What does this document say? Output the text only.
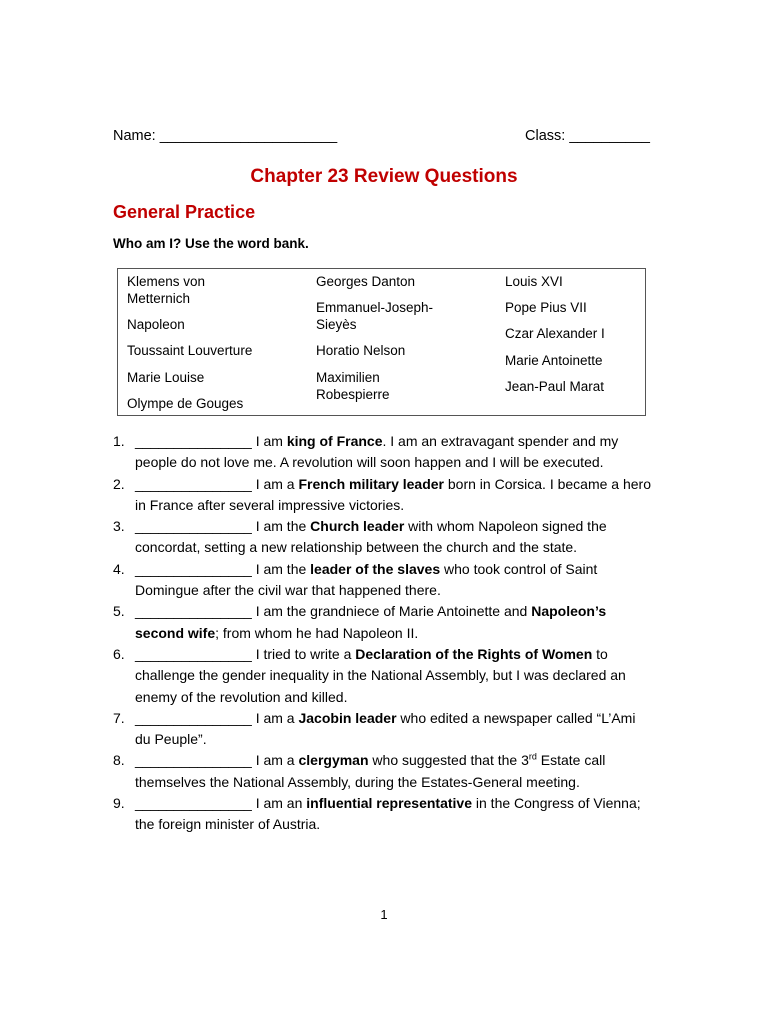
Name: ______________________	Class: __________
Chapter 23 Review Questions
General Practice
Who am I? Use the word bank.
Klemens von Metternich
Napoleon
Toussaint Louverture
Marie Louise
Olympe de Gouges
Georges Danton
Emmanuel-Joseph-Sieyès
Horatio Nelson
Maximilien Robespierre
Louis XVI
Pope Pius VII
Czar Alexander I
Marie Antoinette
Jean-Paul Marat
1. _______________ I am king of France. I am an extravagant spender and my people do not love me. A revolution will soon happen and I will be executed.
2. _______________ I am a French military leader born in Corsica. I became a hero in France after several impressive victories.
3. _______________ I am the Church leader with whom Napoleon signed the concordat, setting a new relationship between the church and the state.
4. _______________ I am the leader of the slaves who took control of Saint Domingue after the civil war that happened there.
5. _______________ I am the grandniece of Marie Antoinette and Napoleon’s second wife; from whom he had Napoleon II.
6. _______________ I tried to write a Declaration of the Rights of Women to challenge the gender inequality in the National Assembly, but I was declared an enemy of the revolution and killed.
7. _______________ I am a Jacobin leader who edited a newspaper called “L’Ami du Peuple”.
8. _______________ I am a clergyman who suggested that the 3rd Estate call themselves the National Assembly, during the Estates-General meeting.
9. _______________ I am an influential representative in the Congress of Vienna; the foreign minister of Austria.
1
